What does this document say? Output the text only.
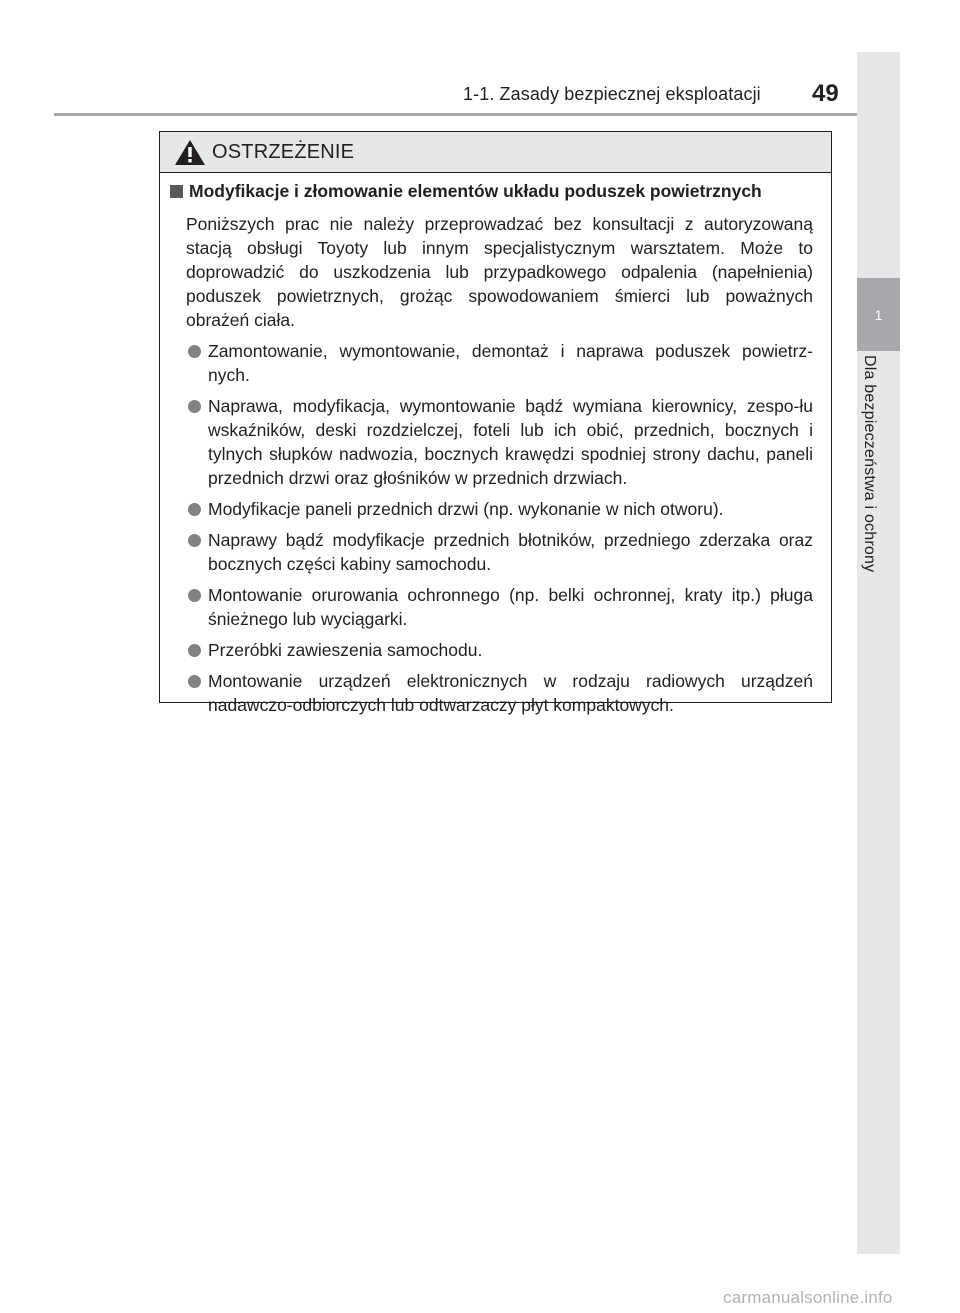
1-1. Zasady bezpiecznej eksploatacji 49
1
Dla bezpieczeństwa i ochrony
OSTRZEŻENIE
Modyfikacje i złomowanie elementów układu poduszek powietrznych

Poniższych prac nie należy przeprowadzać bez konsultacji z autoryzowaną stacją obsługi Toyoty lub innym specjalistycznym warsztatem. Może to doprowadzić do uszkodzenia lub przypadkowego odpalenia (napełnienia) poduszek powietrznych, grożąc spowodowaniem śmierci lub poważnych obrażeń ciała.

Zamontowanie, wymontowanie, demontaż i naprawa poduszek powietrz-nych.
Naprawa, modyfikacja, wymontowanie bądź wymiana kierownicy, zespo-łu wskaźników, deski rozdzielczej, foteli lub ich obić, przednich, bocznych i tylnych słupków nadwozia, bocznych krawędzi spodniej strony dachu, paneli przednich drzwi oraz głośników w przednich drzwiach.
Modyfikacje paneli przednich drzwi (np. wykonanie w nich otworu).
Naprawy bądź modyfikacje przednich błotników, przedniego zderzaka oraz bocznych części kabiny samochodu.
Montowanie orurowania ochronnego (np. belki ochronnej, kraty itp.) pługa śnieżnego lub wyciągarki.
Przeróbki zawieszenia samochodu.
Montowanie urządzeń elektronicznych w rodzaju radiowych urządzeń nadawczo-odbiorczych lub odtwarzaczy płyt kompaktowych.
carmanualsonline.info
